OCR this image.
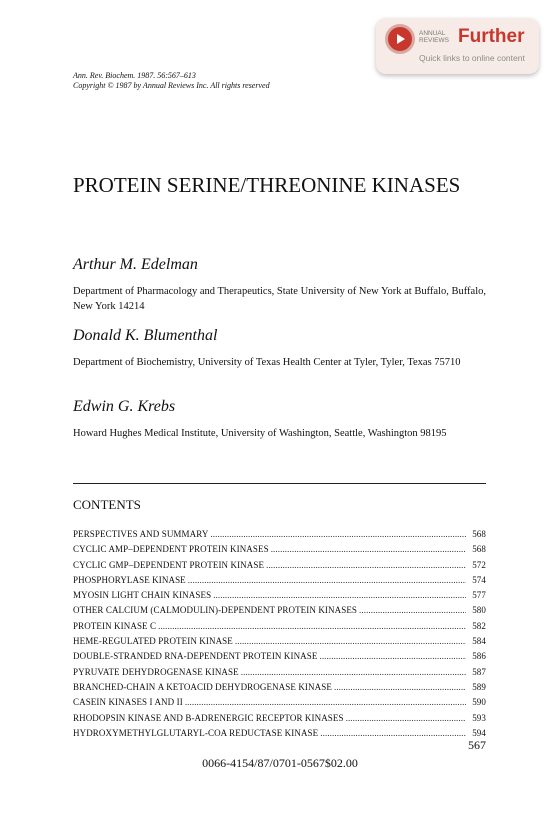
ANNUAL REVIEWS Further
Quick links to online content
Ann. Rev. Biochem. 1987. 56:567–613
Copyright © 1987 by Annual Reviews Inc. All rights reserved
PROTEIN SERINE/THREONINE KINASES
Arthur M. Edelman
Department of Pharmacology and Therapeutics, State University of New York at Buffalo, Buffalo, New York 14214
Donald K. Blumenthal
Department of Biochemistry, University of Texas Health Center at Tyler, Tyler, Texas 75710
Edwin G. Krebs
Howard Hughes Medical Institute, University of Washington, Seattle, Washington 98195
CONTENTS
PERSPECTIVES AND SUMMARY .....	568
CYCLIC AMP–DEPENDENT PROTEIN KINASES .....	568
CYCLIC GMP–DEPENDENT PROTEIN KINASE .....	572
PHOSPHORYLASE KINASE .....	574
MYOSIN LIGHT CHAIN KINASES .....	577
OTHER CALCIUM (CALMODULIN)-DEPENDENT PROTEIN KINASES .....	580
PROTEIN KINASE C .....	582
HEME-REGULATED PROTEIN KINASE .....	584
DOUBLE-STRANDED RNA-DEPENDENT PROTEIN KINASE .....	586
PYRUVATE DEHYDROGENASE KINASE .....	587
BRANCHED-CHAIN Α KETOACID DEHYDROGENASE KINASE .....	589
CASEIN KINASES I AND II .....	590
RHODOPSIN KINASE AND Β-ADRENERGIC RECEPTOR KINASES .....	593
HYDROXYMETHYLGLUTARYL-COA REDUCTASE KINASE .....	594
567
0066-4154/87/0701-0567$02.00
